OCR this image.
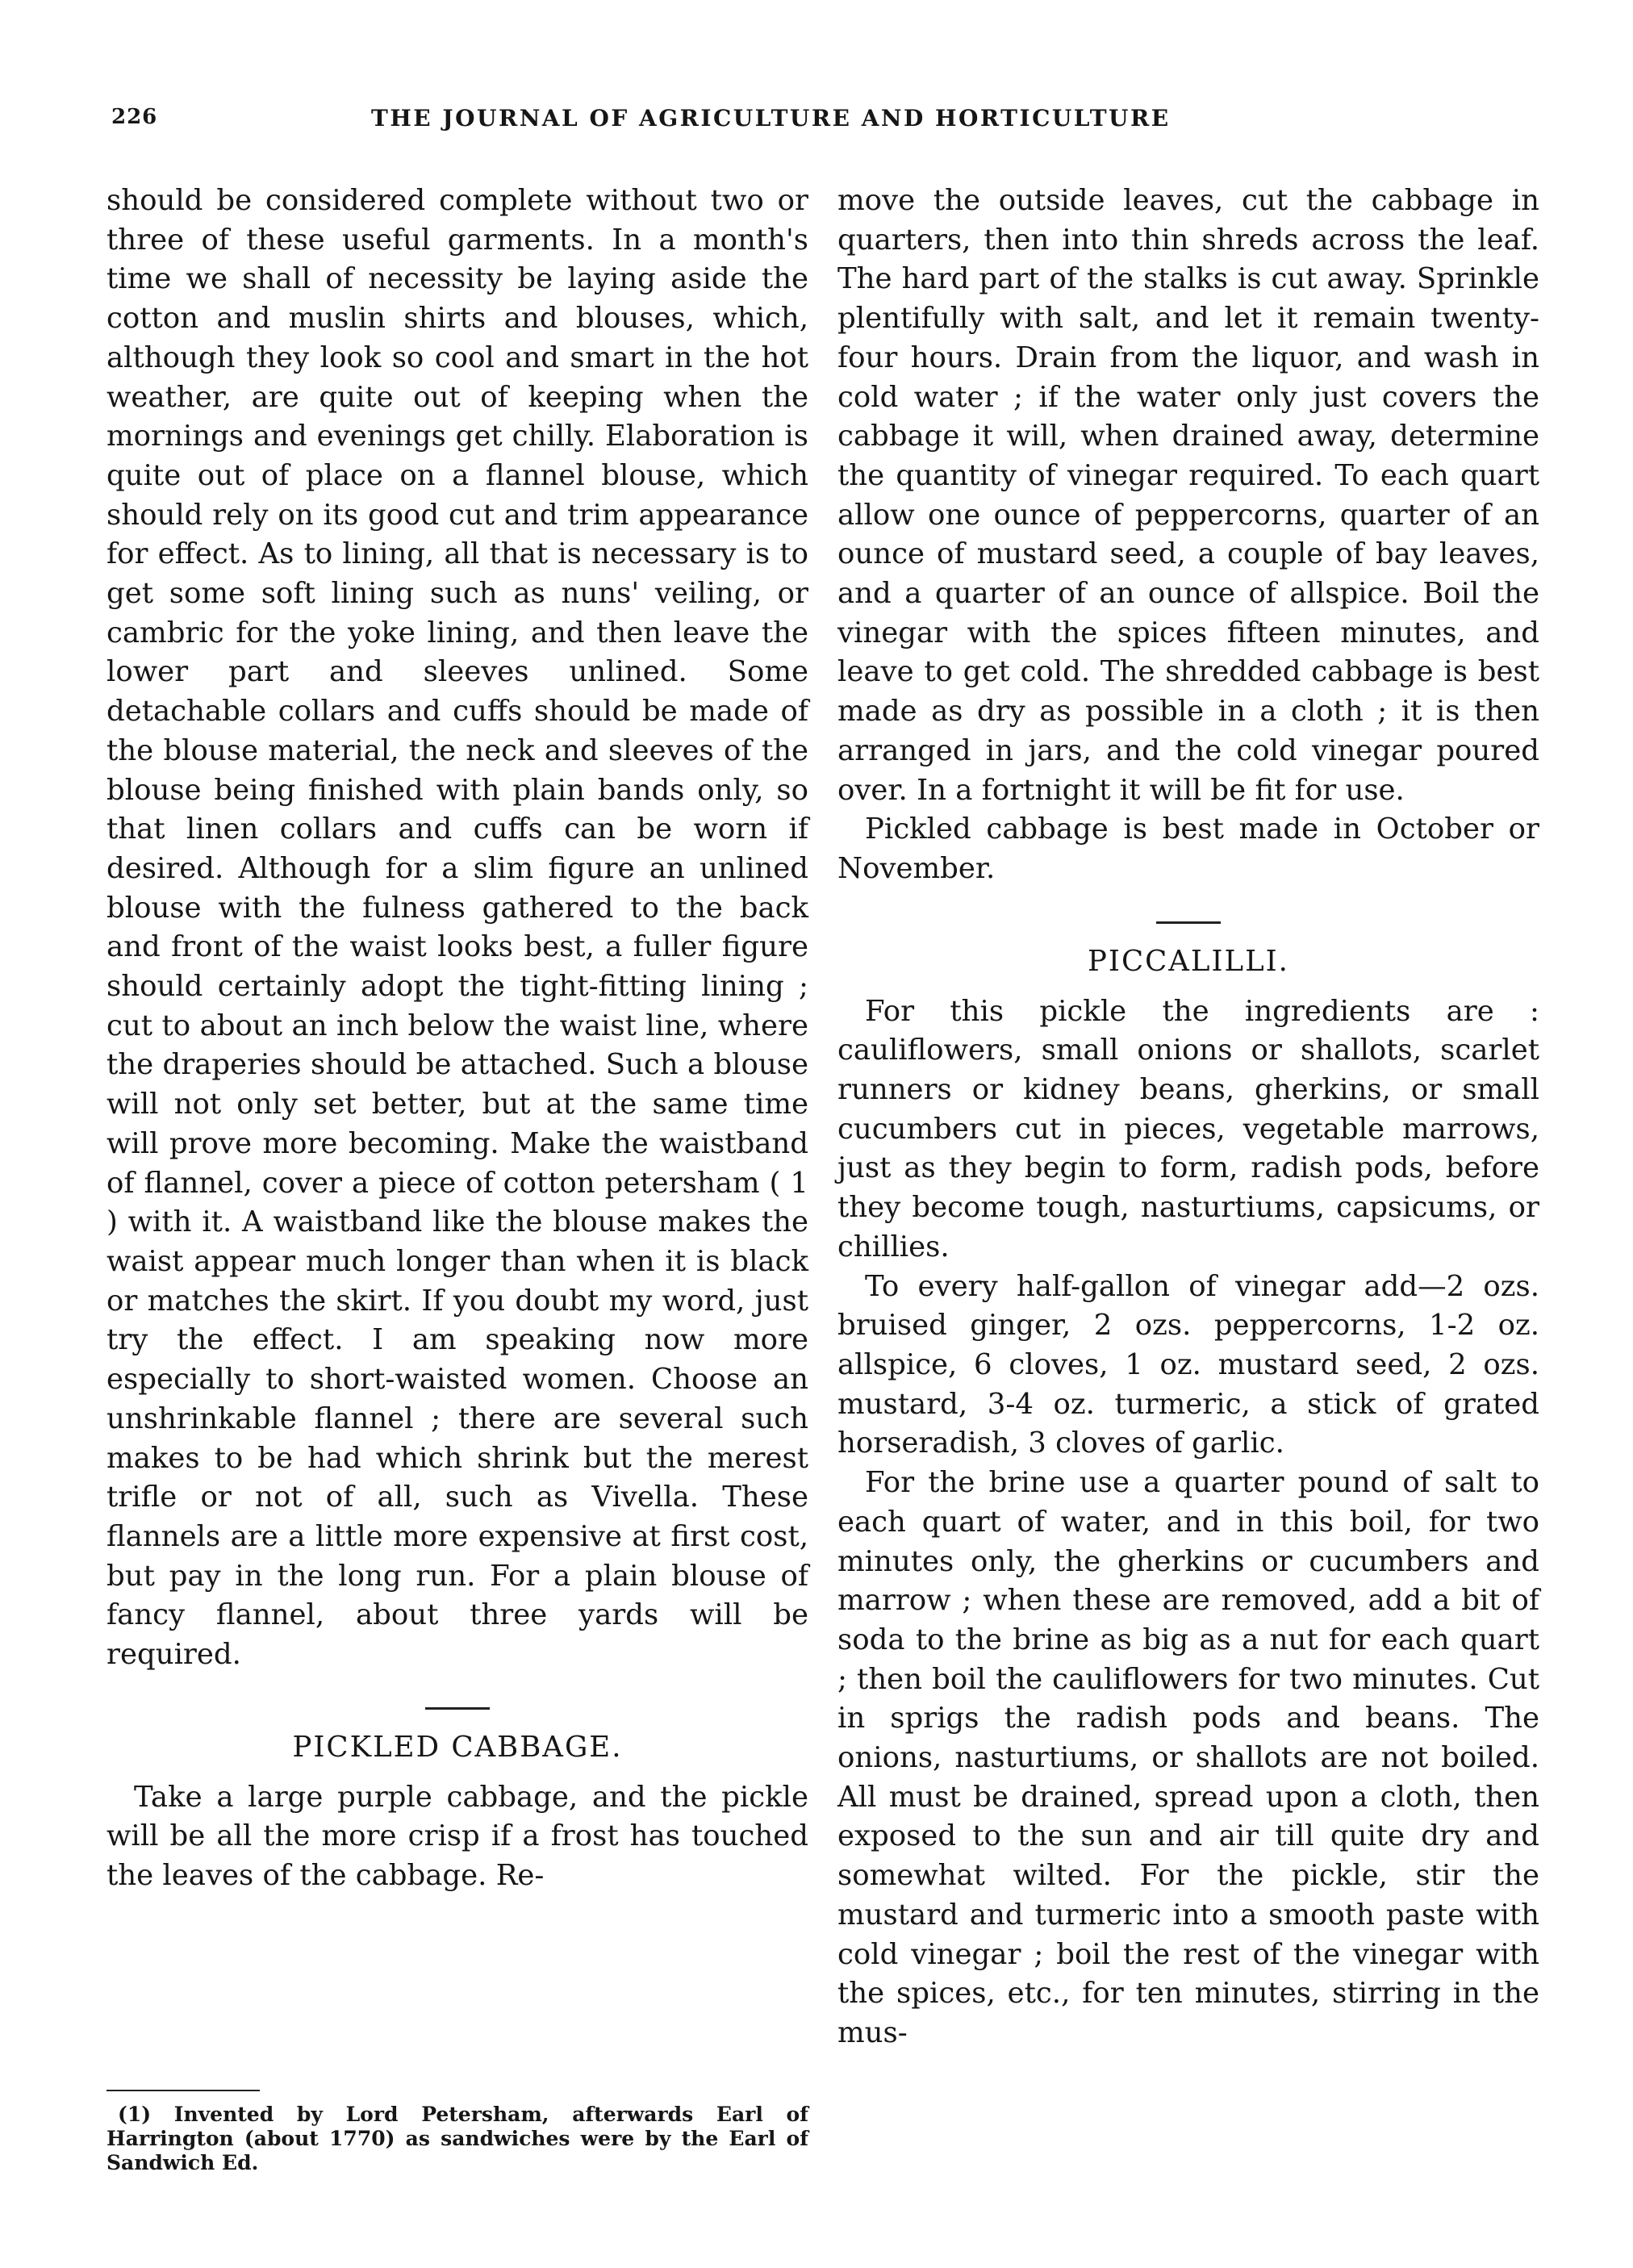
226	THE JOURNAL OF AGRICULTURE AND HORTICULTURE

should be considered complete without two or three of these useful garments. In a month's time we shall of necessity be laying aside the cotton and muslin shirts and blouses, which, although they look so cool and smart in the hot weather, are quite out of keeping when the mornings and evenings get chilly. Elaboration is quite out of place on a flannel blouse, which should rely on its good cut and trim appearance for effect. As to lining, all that is necessary is to get some soft lining such as nuns' veiling, or cambric for the yoke lining, and then leave the lower part and sleeves unlined. Some detachable collars and cuffs should be made of the blouse material, the neck and sleeves of the blouse being finished with plain bands only, so that linen collars and cuffs can be worn if desired. Although for a slim figure an unlined blouse with the fulness gathered to the back and front of the waist looks best, a fuller figure should certainly adopt the tight-fitting lining ; cut to about an inch below the waist line, where the draperies should be attached. Such a blouse will not only set better, but at the same time will prove more becoming. Make the waistband of flannel, cover a piece of cotton petersham ( 1 ) with it. A waistband like the blouse makes the waist appear much longer than when it is black or matches the skirt. If you doubt my word, just try the effect. I am speaking now more especially to short-waisted women. Choose an unshrinkable flannel ; there are several such makes to be had which shrink but the merest trifle or not of all, such as Vivella. These flannels are a little more expensive at first cost, but pay in the long run. For a plain blouse of fancy flannel, about three yards will be required.

PICKLED CABBAGE.

Take a large purple cabbage, and the pickle will be all the more crisp if a frost has touched the leaves of the cabbage. Re-

(1) Invented by Lord Petersham, afterwards Earl of Harrington (about 1770) as sandwiches were by the Earl of Sandwich Ed.

move the outside leaves, cut the cabbage in quarters, then into thin shreds across the leaf. The hard part of the stalks is cut away. Sprinkle plentifully with salt, and let it remain twenty-four hours. Drain from the liquor, and wash in cold water ; if the water only just covers the cabbage it will, when drained away, determine the quantity of vinegar required. To each quart allow one ounce of peppercorns, quarter of an ounce of mustard seed, a couple of bay leaves, and a quarter of an ounce of allspice. Boil the vinegar with the spices fifteen minutes, and leave to get cold. The shredded cabbage is best made as dry as possible in a cloth ; it is then arranged in jars, and the cold vinegar poured over. In a fortnight it will be fit for use.

Pickled cabbage is best made in October or November.

PICCALILLI.

For this pickle the ingredients are : cauliflowers, small onions or shallots, scarlet runners or kidney beans, gherkins, or small cucumbers cut in pieces, vegetable marrows, just as they begin to form, radish pods, before they become tough, nasturtiums, capsicums, or chillies.

To every half-gallon of vinegar add—2 ozs. bruised ginger, 2 ozs. peppercorns, 1-2 oz. allspice, 6 cloves, 1 oz. mustard seed, 2 ozs. mustard, 3-4 oz. turmeric, a stick of grated horseradish, 3 cloves of garlic.

For the brine use a quarter pound of salt to each quart of water, and in this boil, for two minutes only, the gherkins or cucumbers and marrow ; when these are removed, add a bit of soda to the brine as big as a nut for each quart ; then boil the cauliflowers for two minutes. Cut in sprigs the radish pods and beans. The onions, nasturtiums, or shallots are not boiled. All must be drained, spread upon a cloth, then exposed to the sun and air till quite dry and somewhat wilted. For the pickle, stir the mustard and turmeric into a smooth paste with cold vinegar ; boil the rest of the vinegar with the spices, etc., for ten minutes, stirring in the mus-
